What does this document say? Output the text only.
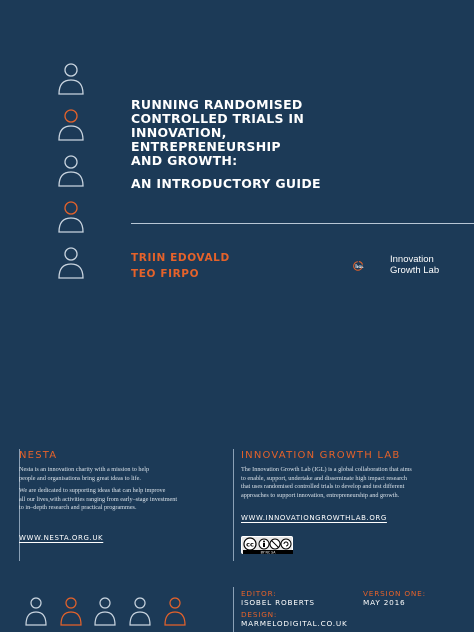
RUNNING RANDOMISED
CONTROLLED TRIALS IN
INNOVATION,
ENTREPRENEURSHIP
AND GROWTH:
AN INTRODUCTORY GUIDE
TRIIN EDOVALD
TEO FIRPO
IGL
Innovation
Growth Lab
NESTA
Nesta is an innovation charity with a mission to help
people and organisations bring great ideas to life.
We are dedicated to supporting ideas that can help improve
all our lives,with activities ranging from early–stage investment
to in–depth research and practical programmes.
WWW.NESTA.ORG.UK
INNOVATION GROWTH LAB
The Innovation Growth Lab (IGL) is a global collaboration that aims
to enable, support, undertake and disseminate high impact research
that uses randomised controlled trials to develop and test different
approaches to support innovation, entrepreneurship and growth.
WWW.INNOVATIONGROWTHLAB.ORG
cc
BY NC SA
EDITOR:
ISOBEL ROBERTS
DESIGN:
MARMELODIGITAL.CO.UK
VERSION ONE:
MAY 2016
